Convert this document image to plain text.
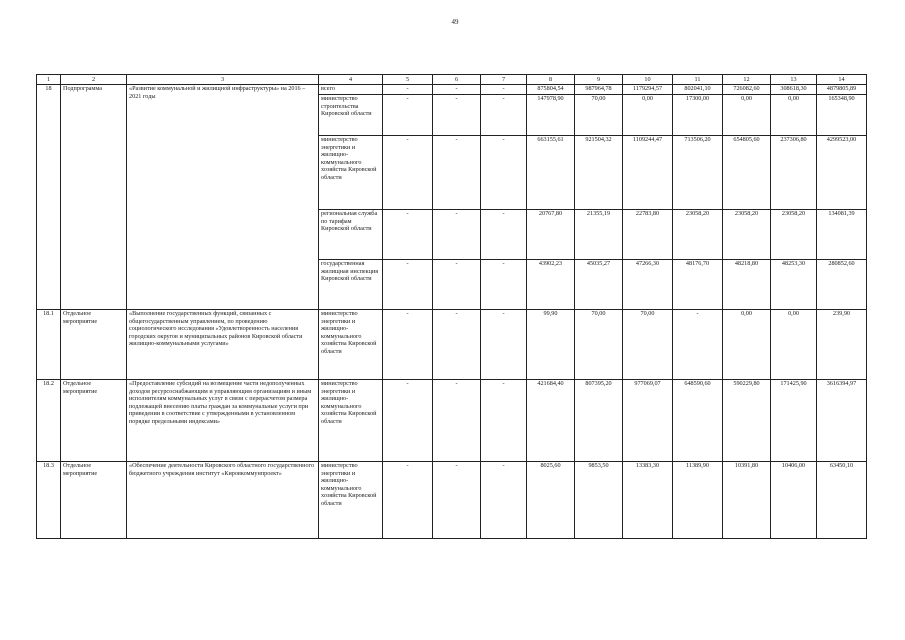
49
1	2	3	4	5	6	7	8	9	10	11	12	13	14
18	Подпрограмма	«Развитие коммунальной и жилищной инфраструктуры» на 2016 – 2021 годы	всего	-	-	-	875804,54	987964,78	1179294,57	802041,10	726082,60	308618,30	4879805,89
			министерство строительства Кировской области	-	-	-	147978,90	70,00	0,00	17300,00	0,00	0,00	165348,90
			министерство энергетики и жилищно-коммунального хозяйства Кировской области	-	-	-	663155,61	921504,32	1109244,47	713506,20	654805,60	237306,80	4299523,00
			региональная служба по тарифам Кировской области	-	-	-	20767,80	21355,19	22783,80	23058,20	23058,20	23058,20	134081,39
			государственная жилищная инспекция Кировской области	-	-	-	43902,23	45035,27	47266,30	48176,70	48218,80	48253,30	280852,60
18.1	Отдельное мероприятие	«Выполнение государственных функций, связанных с общегосударственным управлением, по проведению социологического исследования «Удовлетворенность населения городских округов и муниципальных районов Кировской области жилищно-коммунальными услугами»	министерство энергетики и жилищно-коммунального хозяйства Кировской области	-	-	-	99,90	70,00	70,00	-	0,00	0,00	239,90
18.2	Отдельное мероприятие	«Предоставление субсидий на возмещение части недополученных доходов ресурсоснабжающим и управляющим организациям и иным исполнителям коммунальных услуг в связи с перерасчетом размера подлежащей внесению платы граждан за коммунальные услуги при приведении в соответствие с утвержденными в установленном порядке предельными индексами»	министерство энергетики и жилищно-коммунального хозяйства Кировской области	-	-	-	421684,40	807395,20	977069,07	648590,60	590229,80	171425,90	3616394,97
18.3	Отдельное мероприятие	«Обеспечение деятельности Кировского областного государственного бюджетного учреждения институт «Кировкоммунпроект»	министерство энергетики и жилищно-коммунального хозяйства Кировской области	-	-	-	8025,60	9853,50	13383,30	11389,90	10391,80	10406,00	63450,10
